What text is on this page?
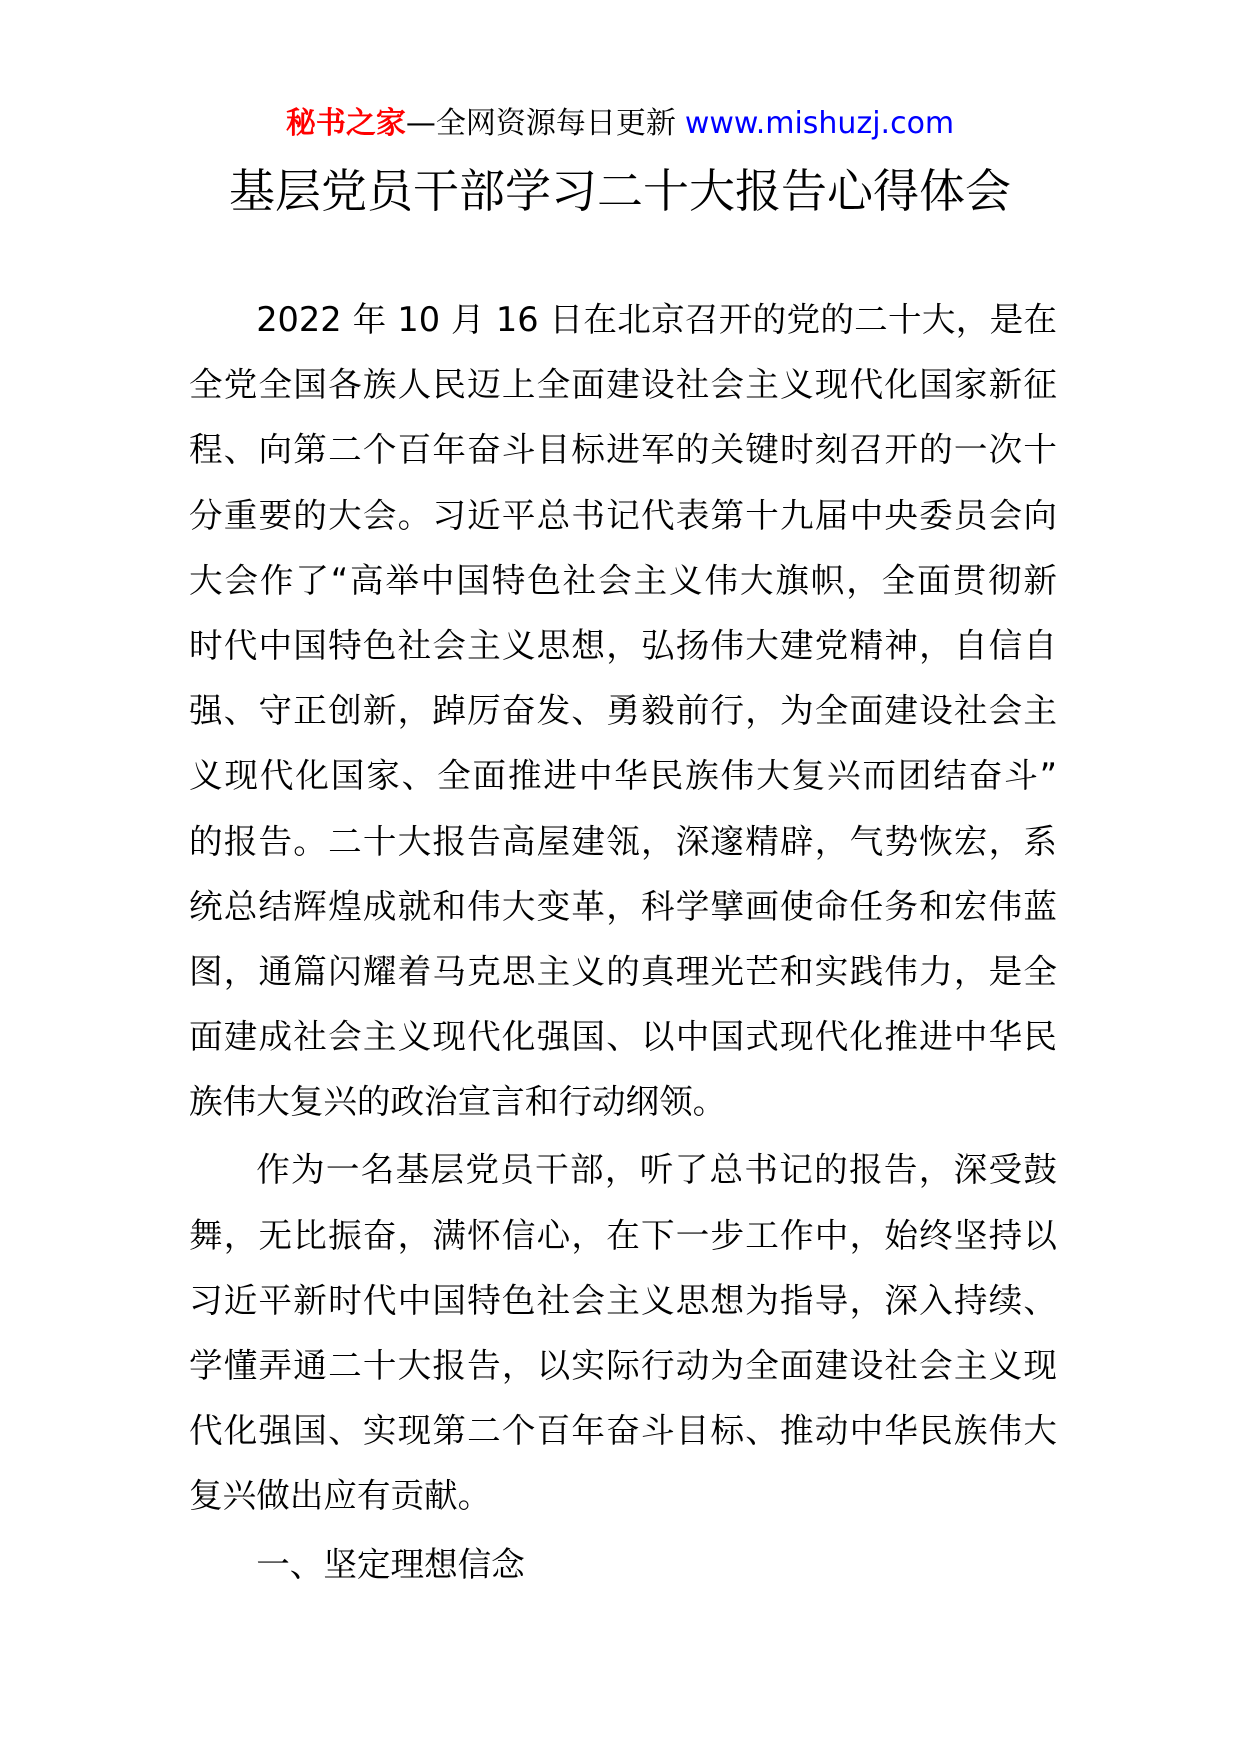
秘书之家—全网资源每日更新 www.mishuzj.com
基层党员干部学习二十大报告心得体会
2022 年 10 月 16 日在北京召开的党的二十大，是在
全党全国各族人民迈上全面建设社会主义现代化国家新征
程、向第二个百年奋斗目标进军的关键时刻召开的一次十
分重要的大会。习近平总书记代表第十九届中央委员会向
大会作了“高举中国特色社会主义伟大旗帜，全面贯彻新
时代中国特色社会主义思想，弘扬伟大建党精神，自信自
强、守正创新，踔厉奋发、勇毅前行，为全面建设社会主
义现代化国家、全面推进中华民族伟大复兴而团结奋斗”
的报告。二十大报告高屋建瓴，深邃精辟，气势恢宏，系
统总结辉煌成就和伟大变革，科学擘画使命任务和宏伟蓝
图，通篇闪耀着马克思主义的真理光芒和实践伟力，是全
面建成社会主义现代化强国、以中国式现代化推进中华民
族伟大复兴的政治宣言和行动纲领。
作为一名基层党员干部，听了总书记的报告，深受鼓
舞，无比振奋，满怀信心，在下一步工作中，始终坚持以
习近平新时代中国特色社会主义思想为指导，深入持续、
学懂弄通二十大报告，以实际行动为全面建设社会主义现
代化强国、实现第二个百年奋斗目标、推动中华民族伟大
复兴做出应有贡献。
一、坚定理想信念
